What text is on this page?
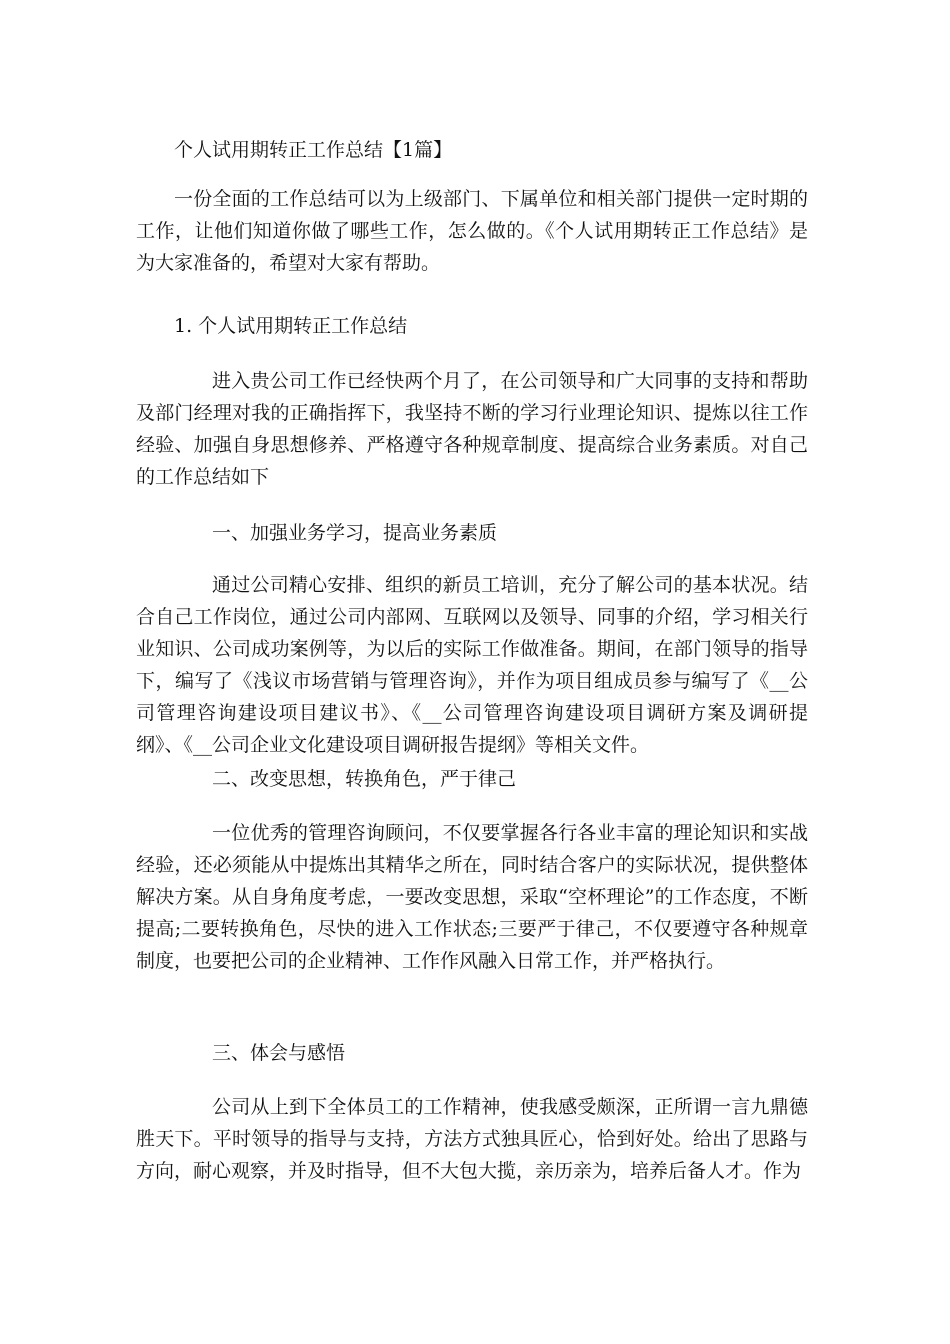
个人试用期转正工作总结【1篇】

一份全面的工作总结可以为上级部门、下属单位和相关部门提供一定时期的工作，让他们知道你做了哪些工作，怎么做的。《个人试用期转正工作总结》是为大家准备的，希望对大家有帮助。

1. 个人试用期转正工作总结

进入贵公司工作已经快两个月了，在公司领导和广大同事的支持和帮助及部门经理对我的正确指挥下，我坚持不断的学习行业理论知识、提炼以往工作经验、加强自身思想修养、严格遵守各种规章制度、提高综合业务素质。对自己的工作总结如下

一、加强业务学习，提高业务素质

通过公司精心安排、组织的新员工培训，充分了解公司的基本状况。结合自己工作岗位，通过公司内部网、互联网以及领导、同事的介绍，学习相关行业知识、公司成功案例等，为以后的实际工作做准备。期间，在部门领导的指导下，编写了《浅议市场营销与管理咨询》，并作为项目组成员参与编写了《__公司管理咨询建设项目建议书》、《__公司管理咨询建设项目调研方案及调研提纲》、《__公司企业文化建设项目调研报告提纲》等相关文件。

二、改变思想，转换角色，严于律己

一位优秀的管理咨询顾问，不仅要掌握各行各业丰富的理论知识和实战经验，还必须能从中提炼出其精华之所在，同时结合客户的实际状况，提供整体解决方案。从自身角度考虑，一要改变思想，采取“空杯理论”的工作态度，不断提高;二要转换角色，尽快的进入工作状态;三要严于律己，不仅要遵守各种规章制度，也要把公司的企业精神、工作作风融入日常工作，并严格执行。

三、体会与感悟

公司从上到下全体员工的工作精神，使我感受颇深，正所谓一言九鼎德胜天下。平时领导的指导与支持，方法方式独具匠心，恰到好处。给出了思路与方向，耐心观察，并及时指导，但不大包大揽，亲历亲为，培养后备人才。作为
